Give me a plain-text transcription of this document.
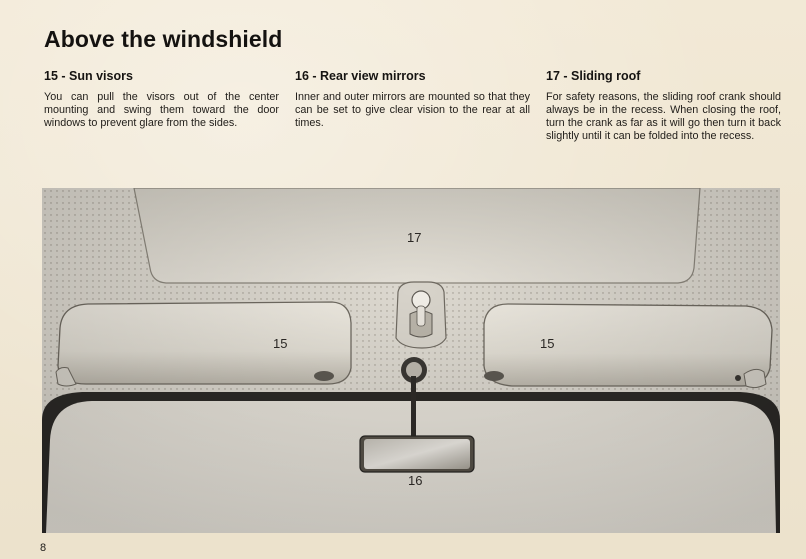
Above the windshield
15 - Sun visors

You can pull the visors out of the center mounting and swing them toward the door windows to prevent glare from the sides.

16 - Rear view mirrors

Inner and outer mirrors are mounted so that they can be set to give clear vision to the rear at all times.

17 - Sliding roof

For safety reasons, the sliding roof crank should always be in the recess. When closing the roof, turn the crank as far as it will go then turn it back slightly until it can be folded into the recess.

17
15	15
16
8
